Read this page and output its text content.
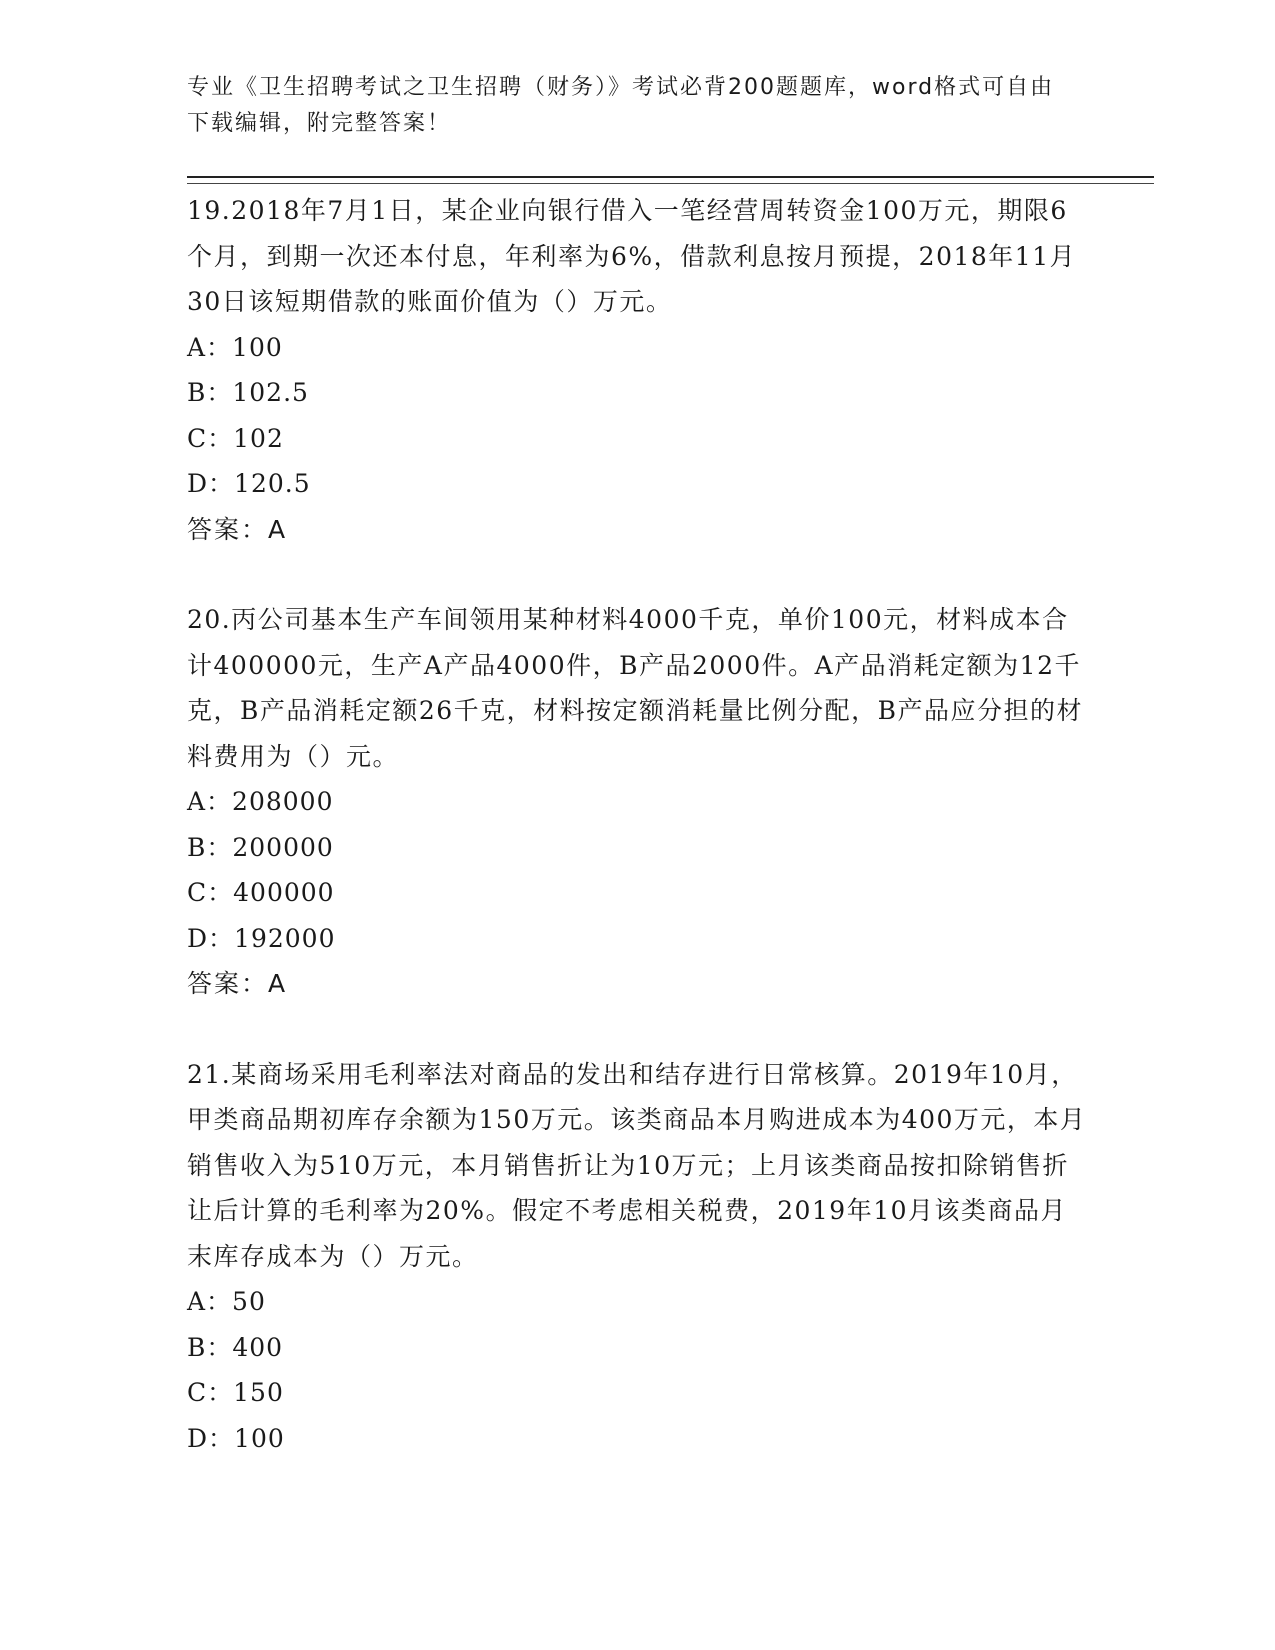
专业《卫生招聘考试之卫生招聘（财务）》考试必背200题题库，word格式可自由下载编辑，附完整答案！

19.2018年7月1日，某企业向银行借入一笔经营周转资金100万元，期限6个月，到期一次还本付息，年利率为6%，借款利息按月预提，2018年11月30日该短期借款的账面价值为（）万元。

A：100
B：102.5
C：102
D：120.5
答案：A

20.丙公司基本生产车间领用某种材料4000千克，单价100元，材料成本合计400000元，生产A产品4000件，B产品2000件。A产品消耗定额为12千克，B产品消耗定额26千克，材料按定额消耗量比例分配，B产品应分担的材料费用为（）元。

A：208000
B：200000
C：400000
D：192000
答案：A

21.某商场采用毛利率法对商品的发出和结存进行日常核算。2019年10月，甲类商品期初库存余额为150万元。该类商品本月购进成本为400万元，本月销售收入为510万元，本月销售折让为10万元；上月该类商品按扣除销售折让后计算的毛利率为20%。假定不考虑相关税费，2019年10月该类商品月末库存成本为（）万元。

A：50
B：400
C：150
D：100
